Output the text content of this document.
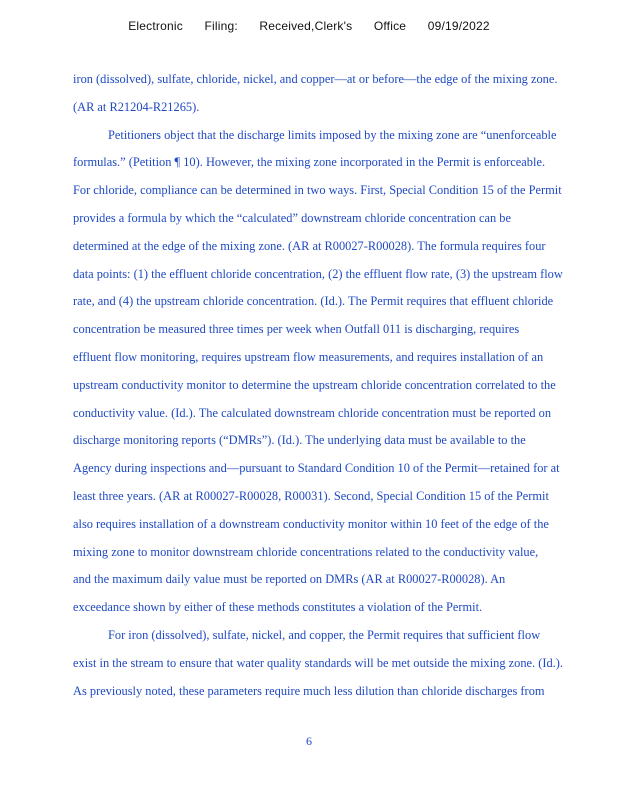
Electronic Filing: Received,Clerk's Office 09/19/2022
iron (dissolved), sulfate, chloride, nickel, and copper—at or before—the edge of the mixing zone.
(AR at R21204-R21265).
Petitioners object that the discharge limits imposed by the mixing zone are “unenforceable
formulas.” (Petition ¶ 10). However, the mixing zone incorporated in the Permit is enforceable.
For chloride, compliance can be determined in two ways. First, Special Condition 15 of the Permit
provides a formula by which the “calculated” downstream chloride concentration can be
determined at the edge of the mixing zone. (AR at R00027-R00028). The formula requires four
data points: (1) the effluent chloride concentration, (2) the effluent flow rate, (3) the upstream flow
rate, and (4) the upstream chloride concentration. (Id.). The Permit requires that effluent chloride
concentration be measured three times per week when Outfall 011 is discharging, requires
effluent flow monitoring, requires upstream flow measurements, and requires installation of an
upstream conductivity monitor to determine the upstream chloride concentration correlated to the
conductivity value. (Id.). The calculated downstream chloride concentration must be reported on
discharge monitoring reports (“DMRs”). (Id.). The underlying data must be available to the
Agency during inspections and—pursuant to Standard Condition 10 of the Permit—retained for at
least three years. (AR at R00027-R00028, R00031). Second, Special Condition 15 of the Permit
also requires installation of a downstream conductivity monitor within 10 feet of the edge of the
mixing zone to monitor downstream chloride concentrations related to the conductivity value,
and the maximum daily value must be reported on DMRs (AR at R00027-R00028). An
exceedance shown by either of these methods constitutes a violation of the Permit.
For iron (dissolved), sulfate, nickel, and copper, the Permit requires that sufficient flow
exist in the stream to ensure that water quality standards will be met outside the mixing zone. (Id.).
As previously noted, these parameters require much less dilution than chloride discharges from
6
